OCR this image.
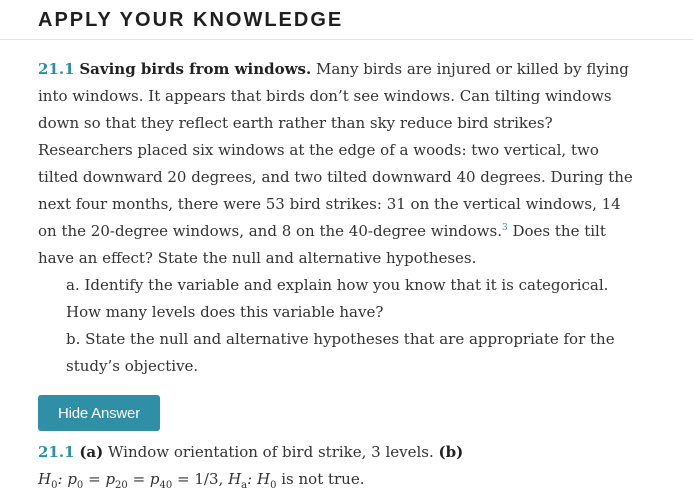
APPLY YOUR KNOWLEDGE

21.1 Saving birds from windows. Many birds are injured or killed by flying into windows. It appears that birds don’t see windows. Can tilting windows down so that they reflect earth rather than sky reduce bird strikes? Researchers placed six windows at the edge of a woods: two vertical, two tilted downward 20 degrees, and two tilted downward 40 degrees. During the next four months, there were 53 bird strikes: 31 on the vertical windows, 14 on the 20-degree windows, and 8 on the 40-degree windows.$^3$ Does the tilt have an effect? State the null and alternative hypotheses.

a. Identify the variable and explain how you know that it is categorical. How many levels does this variable have?

b. State the null and alternative hypotheses that are appropriate for the study’s objective.

Hide Answer

21.1 (a) Window orientation of bird strike, 3 levels. (b)
$H_0$: $p_0 = p_{20} = p_{40} = 1/3$, $H_a$: $H_0$ is not true.
